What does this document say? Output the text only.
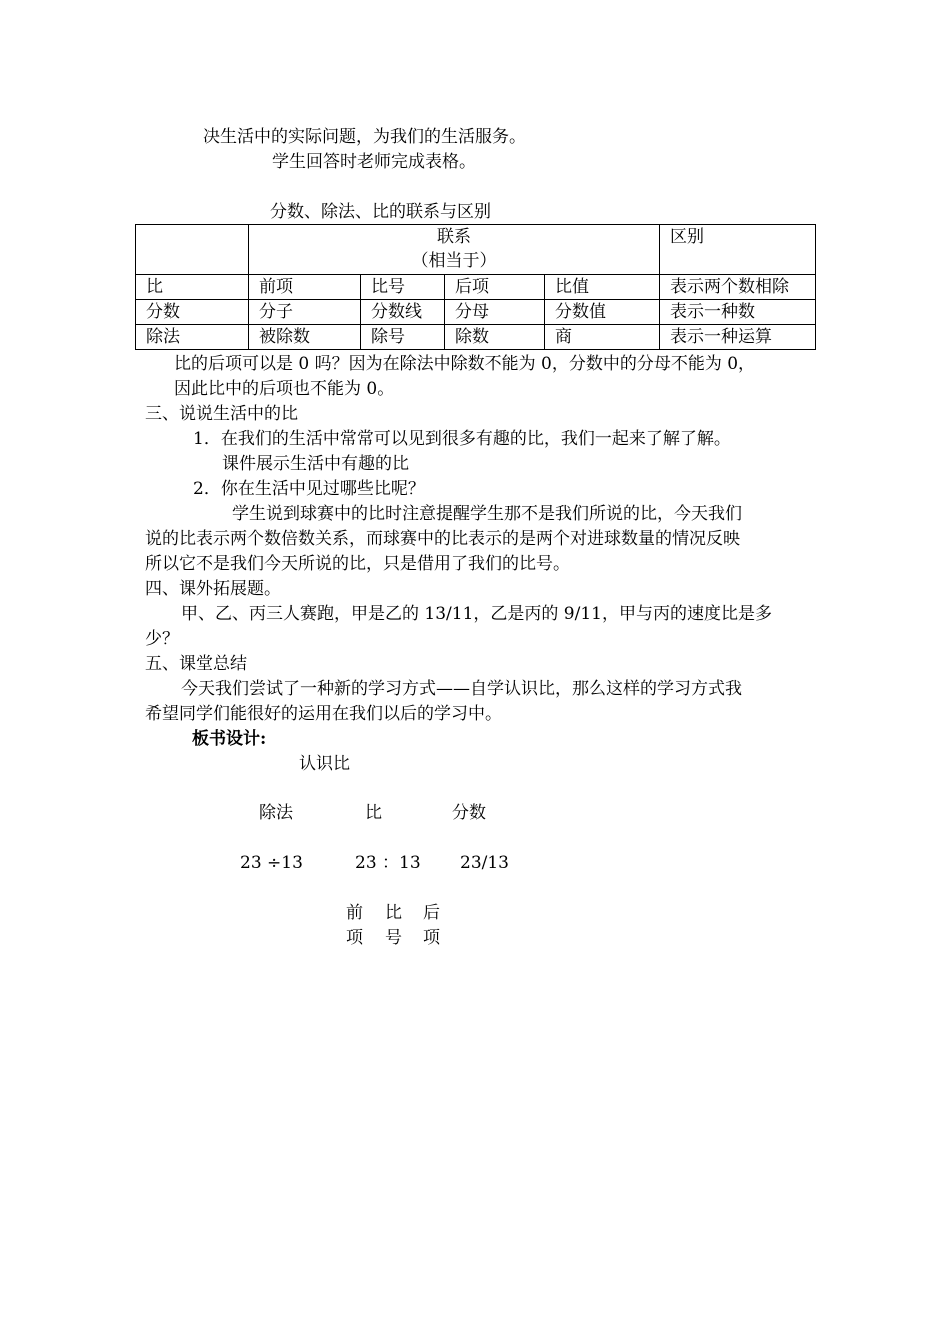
决生活中的实际问题，为我们的生活服务。
学生回答时老师完成表格。
分数、除法、比的联系与区别

	联系
（相当于）				区别
比	前项	比号	后项	比值	表示两个数相除
分数	分子	分数线	分母	分数值	表示一种数
除法	被除数	除号	除数	商	表示一种运算
比的后项可以是 0 吗？因为在除法中除数不能为 0，分数中的分母不能为 0，
因此比中的后项也不能为 0。
三、说说生活中的比
1．在我们的生活中常常可以见到很多有趣的比，我们一起来了解了解。
课件展示生活中有趣的比
2．你在生活中见过哪些比呢？
学生说到球赛中的比时注意提醒学生那不是我们所说的比，今天我们
说的比表示两个数倍数关系，而球赛中的比表示的是两个对进球数量的情况反映
所以它不是我们今天所说的比，只是借用了我们的比号。
四、课外拓展题。
甲、乙、丙三人赛跑，甲是乙的 13/11，乙是丙的 9/11，甲与丙的速度比是多
少？
五、课堂总结
今天我们尝试了一种新的学习方式——自学认识比，那么这样的学习方式我
希望同学们能很好的运用在我们以后的学习中。
板书设计:
认识比
除法	比	分数
23 ÷13	23 ：13 23/13
前 比 后
项 号 项
